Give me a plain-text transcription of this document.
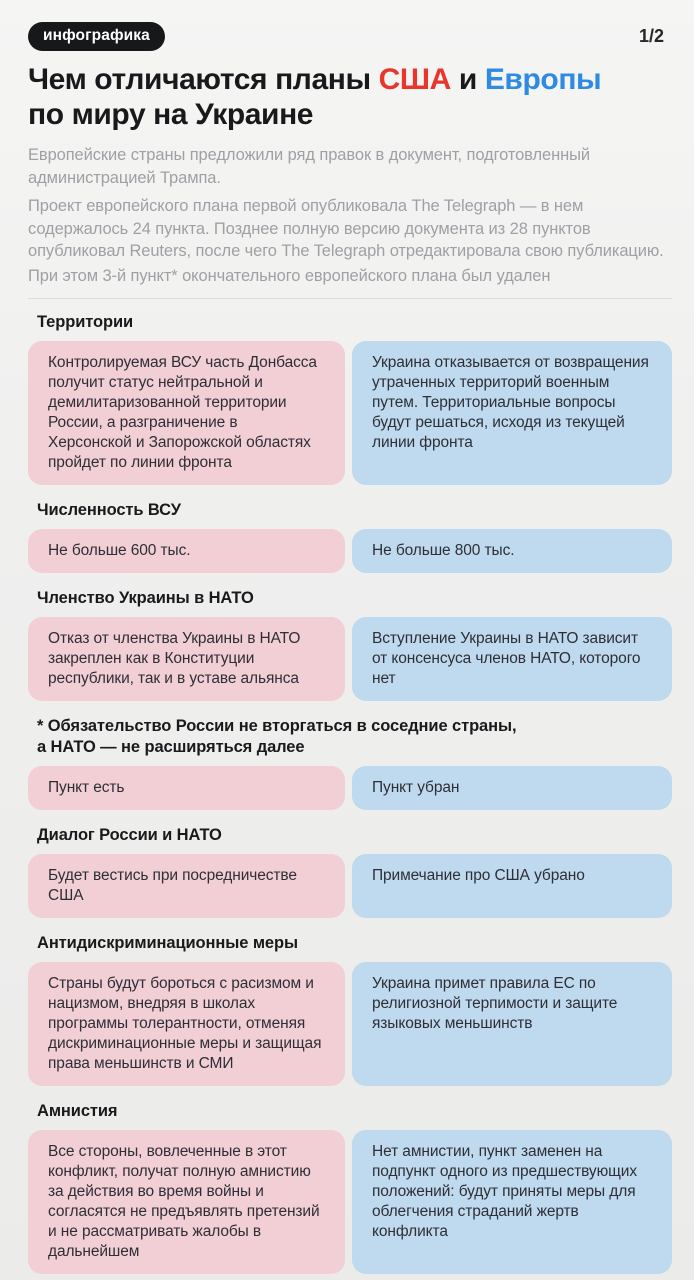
инфографика	1/2
Чем отличаются планы США и Европы
по миру на Украине

Европейские страны предложили ряд правок в документ, подготовленный администрацией Трампа.

Проект европейского плана первой опубликовала The Telegraph — в нем содержалось 24 пункта. Позднее полную версию документа из 28 пунктов опубликовал Reuters, после чего The Telegraph отредактировала свою публикацию.

При этом 3-й пункт* окончательного европейского плана был удален

Территории
Контролируемая ВСУ часть Донбасса получит статус нейтральной и демилитаризованной территории России, а разграничение в Херсонской и Запорожской областях пройдет по линии фронта
Украина отказывается от возвращения утраченных территорий военным путем. Территориальные вопросы будут решаться, исходя из текущей линии фронта
Численность ВСУ
Не больше 600 тыс.	Не больше 800 тыс.
Членство Украины в НАТО
Отказ от членства Украины в НАТО закреплен как в Конституции республики, так и в уставе альянса
Вступление Украины в НАТО зависит от консенсуса членов НАТО, которого нет
* Обязательство России не вторгаться в соседние страны,
а НАТО — не расширяться далее
Пункт есть	Пункт убран
Диалог России и НАТО
Будет вестись при посредничестве США
Примечание про США убрано
Антидискриминационные меры
Страны будут бороться с расизмом и нацизмом, внедряя в школах программы толерантности, отменяя дискриминационные меры и защищая права меньшинств и СМИ
Украина примет правила ЕС по религиозной терпимости и защите языковых меньшинств
Амнистия
Все стороны, вовлеченные в этот конфликт, получат полную амнистию за действия во время войны и согласятся не предъявлять претензий и не рассматривать жалобы в дальнейшем
Нет амнистии, пункт заменен на подпункт одного из предшествующих положений: будут приняты меры для облегчения страданий жертв конфликта
